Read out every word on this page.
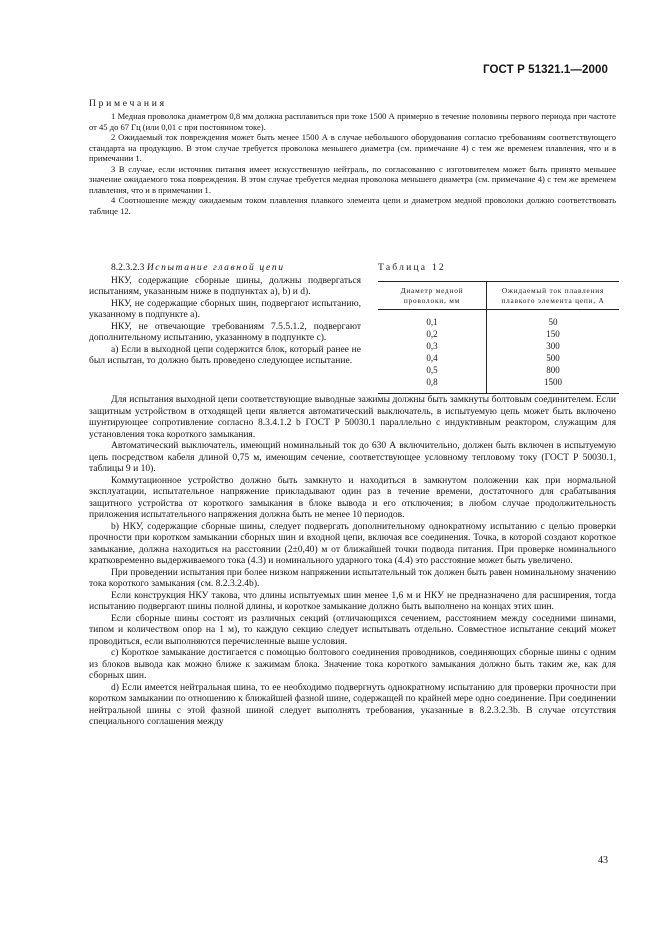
ГОСТ Р 51321.1—2000

Примечания

1 Медная проволока диаметром 0,8 мм должна расплавиться при токе 1500 А примерно в течение половины первого периода при частоте от 45 до 67 Гц (или 0,01 с при постоянном токе).

2 Ожидаемый ток повреждения может быть менее 1500 А в случае небольшого оборудования согласно требованиям соответствующего стандарта на продукцию. В этом случае требуется проволока меньшего диаметра (см. примечание 4) с тем же временем плавления, что и в примечании 1.

3 В случае, если источник питания имеет искусственную нейтраль, по согласованию с изготовителем может быть принято меньшее значение ожидаемого тока повреждения. В этом случае требуется медная проволока меньшего диаметра (см. примечание 4) с тем же временем плавления, что и в примечании 1.

4 Соотношение между ожидаемым током плавления плавкого элемента цепи и диаметром медной проволоки должно соответствовать таблице 12.

8.2.3.2.3 Испытание главной цепи

НКУ, содержащие сборные шины, должны подвергаться испытаниям, указанным ниже в подпунктах а), b) и d).

НКУ, не содержащие сборных шин, подвергают испытанию, указанному в подпункте а).

НКУ, не отвечающие требованиям 7.5.5.1.2, подвергают дополнительному испытанию, указанному в подпункте с).

а) Если в выходной цепи содержится блок, который ранее не был испытан, то должно быть проведено следующее испытание.

Таблица 12
Диаметр медной проволоки, мм	Ожидаемый ток плавления плавкого элемента цепи, А
0,1	50
0,2	150
0,3	300
0,4	500
0,5	800
0,8	1500

Для испытания выходной цепи соответствующие выводные зажимы должны быть замкнуты болтовым соединителем. Если защитным устройством в отходящей цепи является автоматический выключатель, в испытуемую цепь может быть включено шунтирующее сопротивление согласно 8.3.4.1.2 b ГОСТ Р 50030.1 параллельно с индуктивным реактором, служащим для установления тока короткого замыкания.

Автоматический выключатель, имеющий номинальный ток до 630 А включительно, должен быть включен в испытуемую цепь посредством кабеля длиной 0,75 м, имеющим сечение, соответствующее условному тепловому току (ГОСТ Р 50030.1, таблицы 9 и 10).

Коммутационное устройство должно быть замкнуто и находиться в замкнутом положении как при нормальной эксплуатации, испытательное напряжение прикладывают один раз в течение времени, достаточного для срабатывания защитного устройства от короткого замыкания в блоке вывода и его отключения; в любом случае продолжительность приложения испытательного напряжения должна быть не менее 10 периодов.

b) НКУ, содержащие сборные шины, следует подвергать дополнительному однократному испытанию с целью проверки прочности при коротком замыкании сборных шин и входной цепи, включая все соединения. Точка, в которой создают короткое замыкание, должна находиться на расстоянии (2±0,40) м от ближайшей точки подвода питания. При проверке номинального кратковременно выдерживаемого тока (4.3) и номинального ударного тока (4.4) это расстояние может быть увеличено.

При проведении испытания при более низком напряжении испытательный ток должен быть равен номинальному значению тока короткого замыкания (см. 8.2.3.2.4b).

Если конструкция НКУ такова, что длины испытуемых шин менее 1,6 м и НКУ не предназначено для расширения, тогда испытанию подвергают шины полной длины, и короткое замыкание должно быть выполнено на концах этих шин.

Если сборные шины состоят из различных секций (отличающихся сечением, расстоянием между соседними шинами, типом и количеством опор на 1 м), то каждую секцию следует испытывать отдельно. Совместное испытание секций может проводиться, если выполняются перечисленные выше условия.

с) Короткое замыкание достигается с помощью болтового соединения проводников, соединяющих сборные шины с одним из блоков вывода как можно ближе к зажимам блока. Значение тока короткого замыкания должно быть таким же, как для сборных шин.

d) Если имеется нейтральная шина, то ее необходимо подвергнуть однократному испытанию для проверки прочности при коротком замыкании по отношению к ближайшей фазной шине, содержащей по крайней мере одно соединение. При соединении нейтральной шины с этой фазной шиной следует выполнять требования, указанные в 8.2.3.2.3b. В случае отсутствия специального соглашения между

43
